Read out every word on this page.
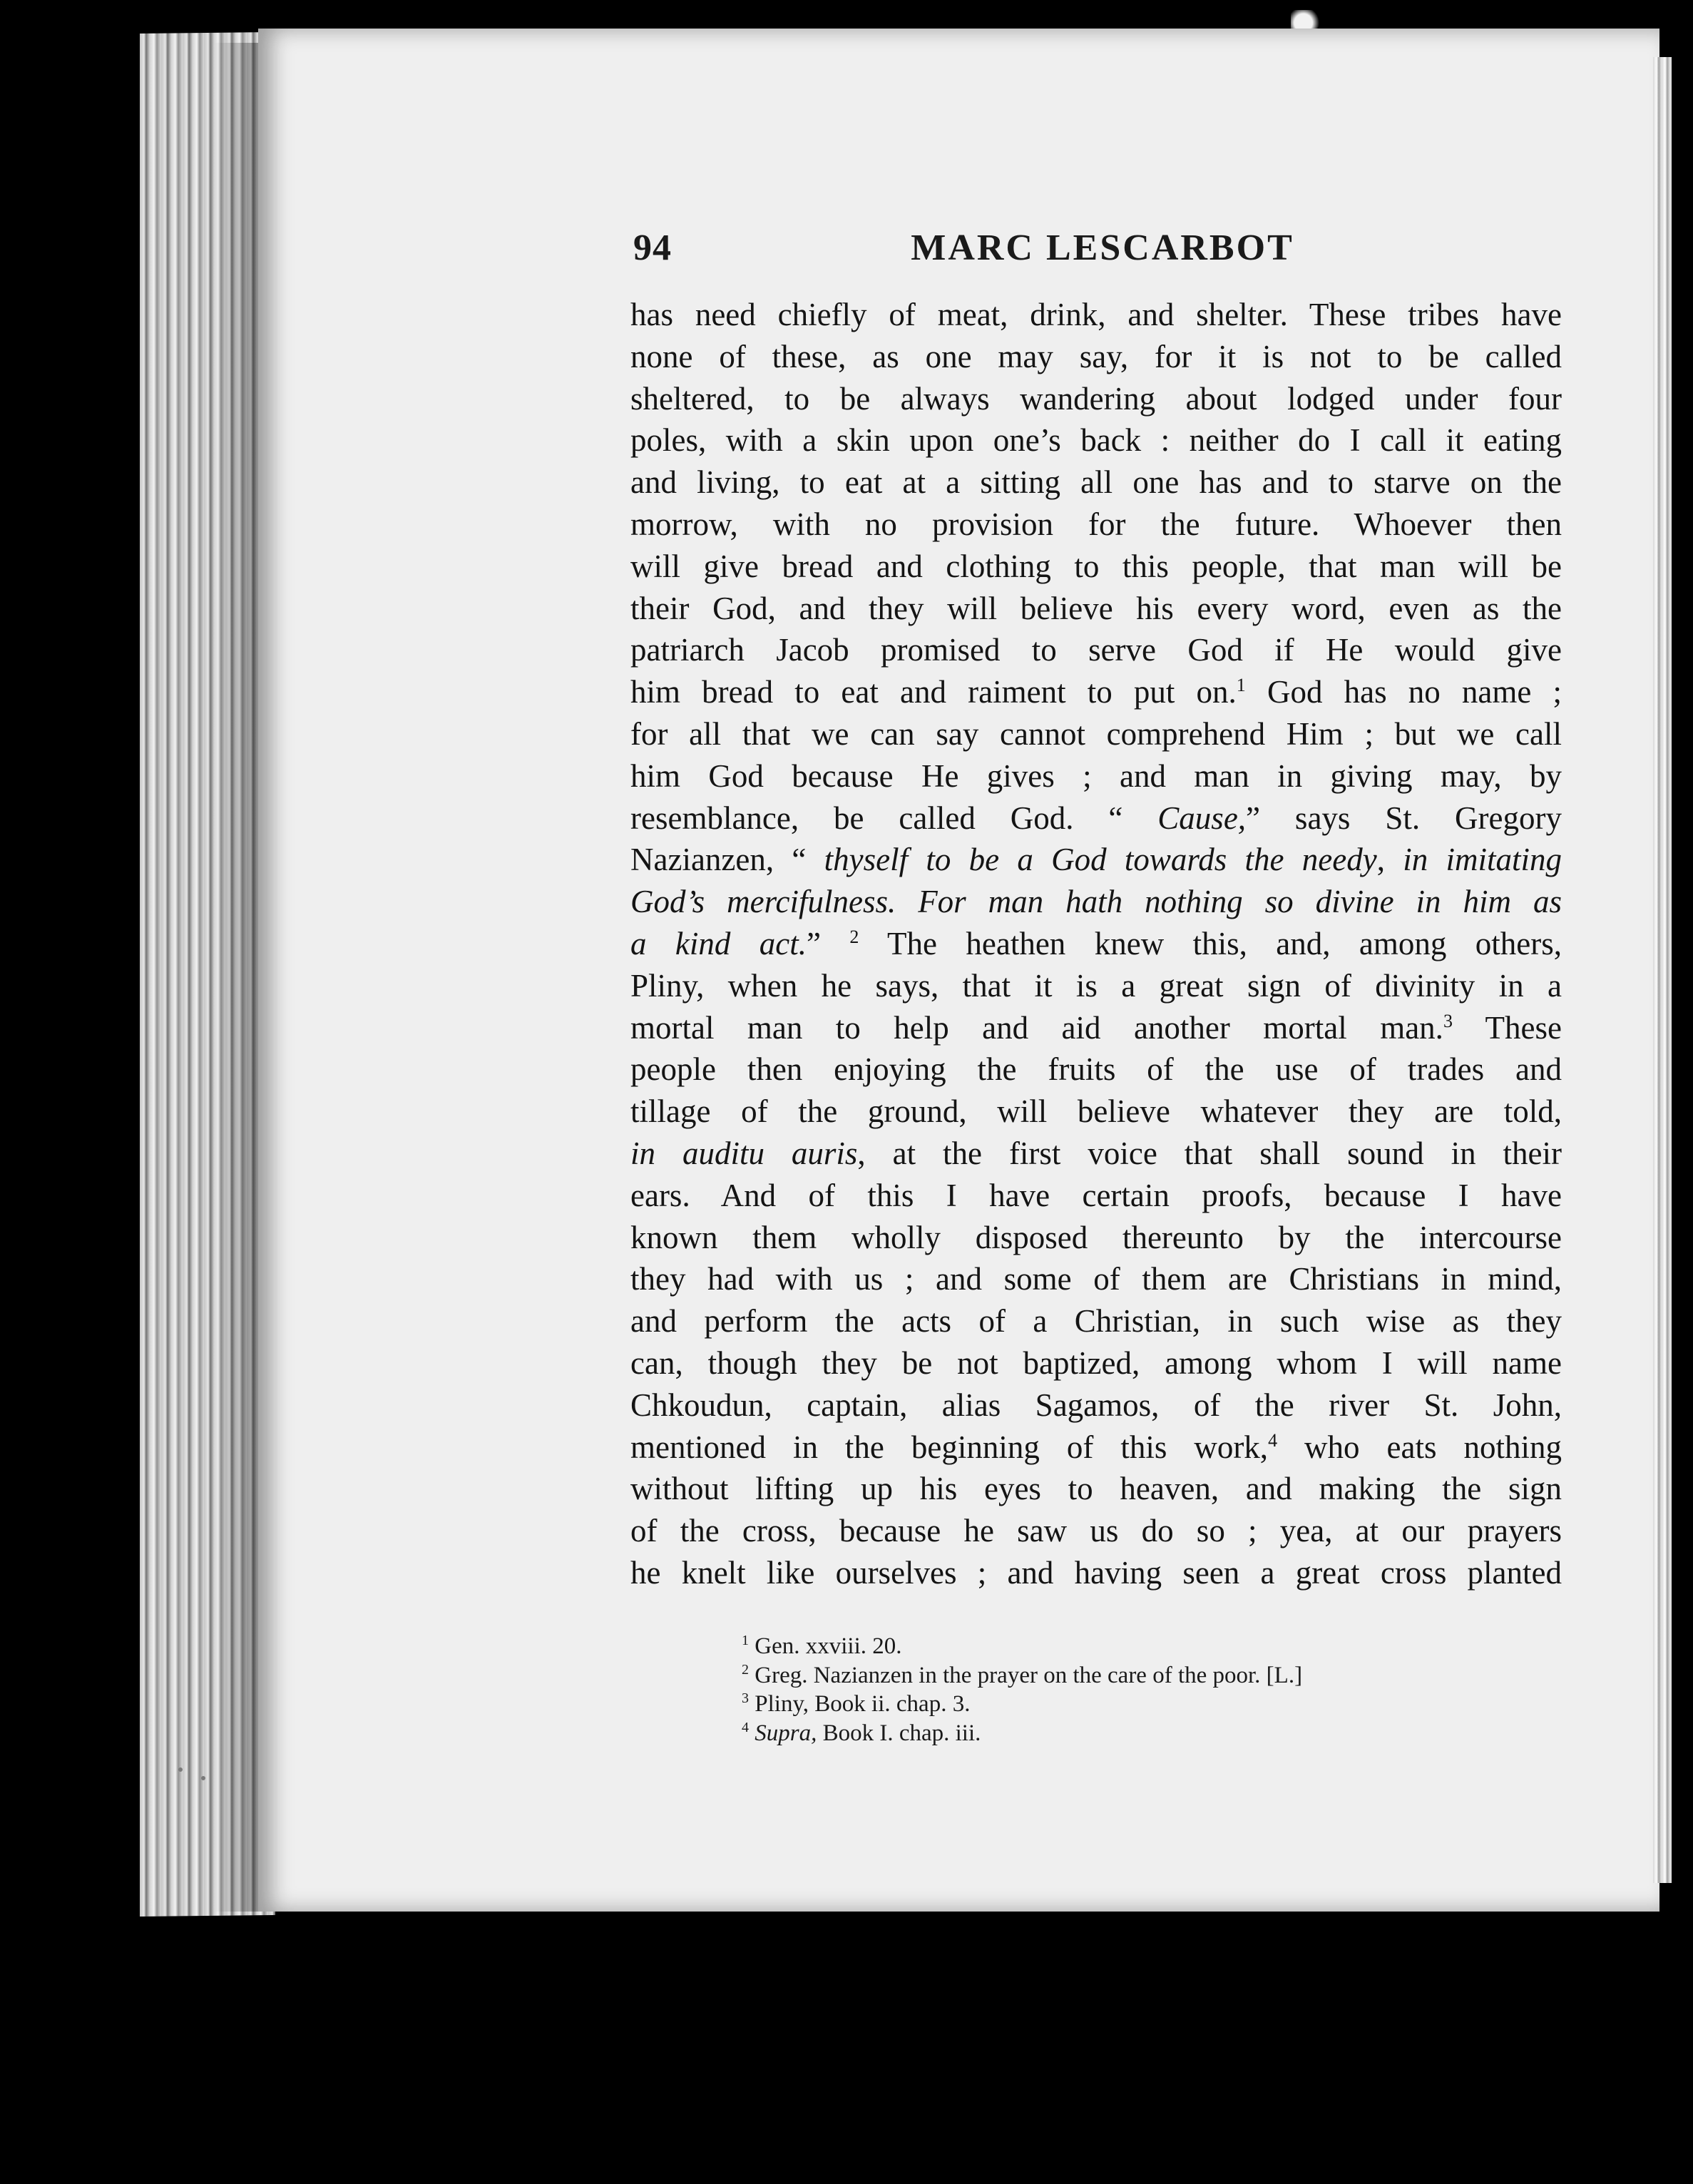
94	MARC LESCARBOT
has need chiefly of meat, drink, and shelter. These tribes have
none of these, as one may say, for it is not to be called
sheltered, to be always wandering about lodged under four
poles, with a skin upon one’s back : neither do I call it eating
and living, to eat at a sitting all one has and to starve on the
morrow, with no provision for the future. Whoever then
will give bread and clothing to this people, that man will be
their God, and they will believe his every word, even as the
patriarch Jacob promised to serve God if He would give
him bread to eat and raiment to put on.$^1$ God has no name ;
for all that we can say cannot comprehend Him ; but we call
him God because He gives ; and man in giving may, by
resemblance, be called God. “ Cause,” says St. Gregory
Nazianzen, “ thyself to be a God towards the needy, in imitating
God’s mercifulness. For man hath nothing so divine in him as
a kind act.” $^2$ The heathen knew this, and, among others,
Pliny, when he says, that it is a great sign of divinity in a
mortal man to help and aid another mortal man.$^3$ These
people then enjoying the fruits of the use of trades and
tillage of the ground, will believe whatever they are told,
in auditu auris, at the first voice that shall sound in their
ears. And of this I have certain proofs, because I have
known them wholly disposed thereunto by the intercourse
they had with us ; and some of them are Christians in mind,
and perform the acts of a Christian, in such wise as they
can, though they be not baptized, among whom I will name
Chkoudun, captain, alias Sagamos, of the river St. John,
mentioned in the beginning of this work,$^4$ who eats nothing
without lifting up his eyes to heaven, and making the sign
of the cross, because he saw us do so ; yea, at our prayers
he knelt like ourselves ; and having seen a great cross planted
$^1$ Gen. xxviii. 20.
$^2$ Greg. Nazianzen in the prayer on the care of the poor. [L.]
$^3$ Pliny, Book ii. chap. 3.
$^4$ Supra, Book I. chap. iii.
